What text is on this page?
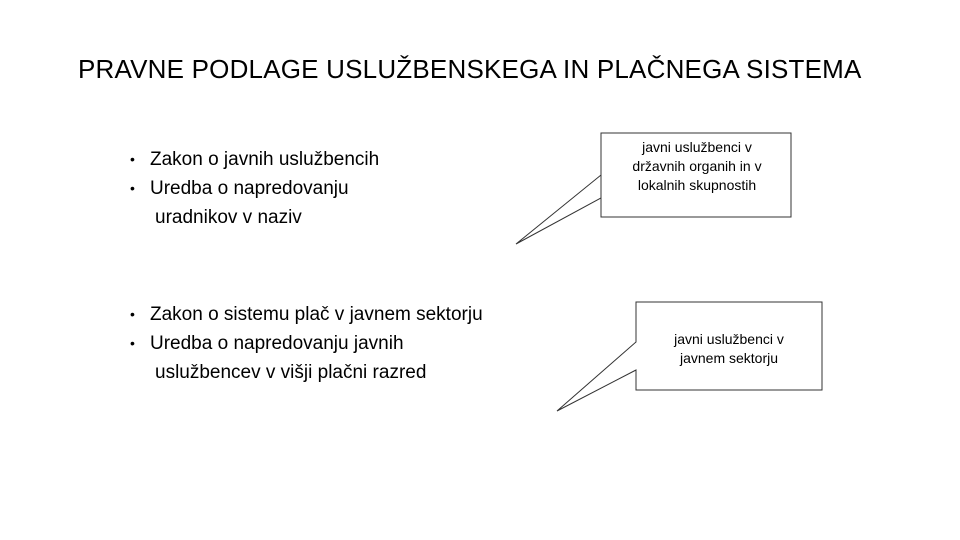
PRAVNE PODLAGE USLUŽBENSKEGA IN PLAČNEGA SISTEMA
• Zakon o javnih uslužbencih
• Uredba o napredovanju
uradnikov v naziv
• Zakon o sistemu plač v javnem sektorju
• Uredba o napredovanju javnih
uslužbencev v višji plačni razred
javni uslužbenci v
državnih organih in v
lokalnih skupnostih
javni uslužbenci v
javnem sektorju
